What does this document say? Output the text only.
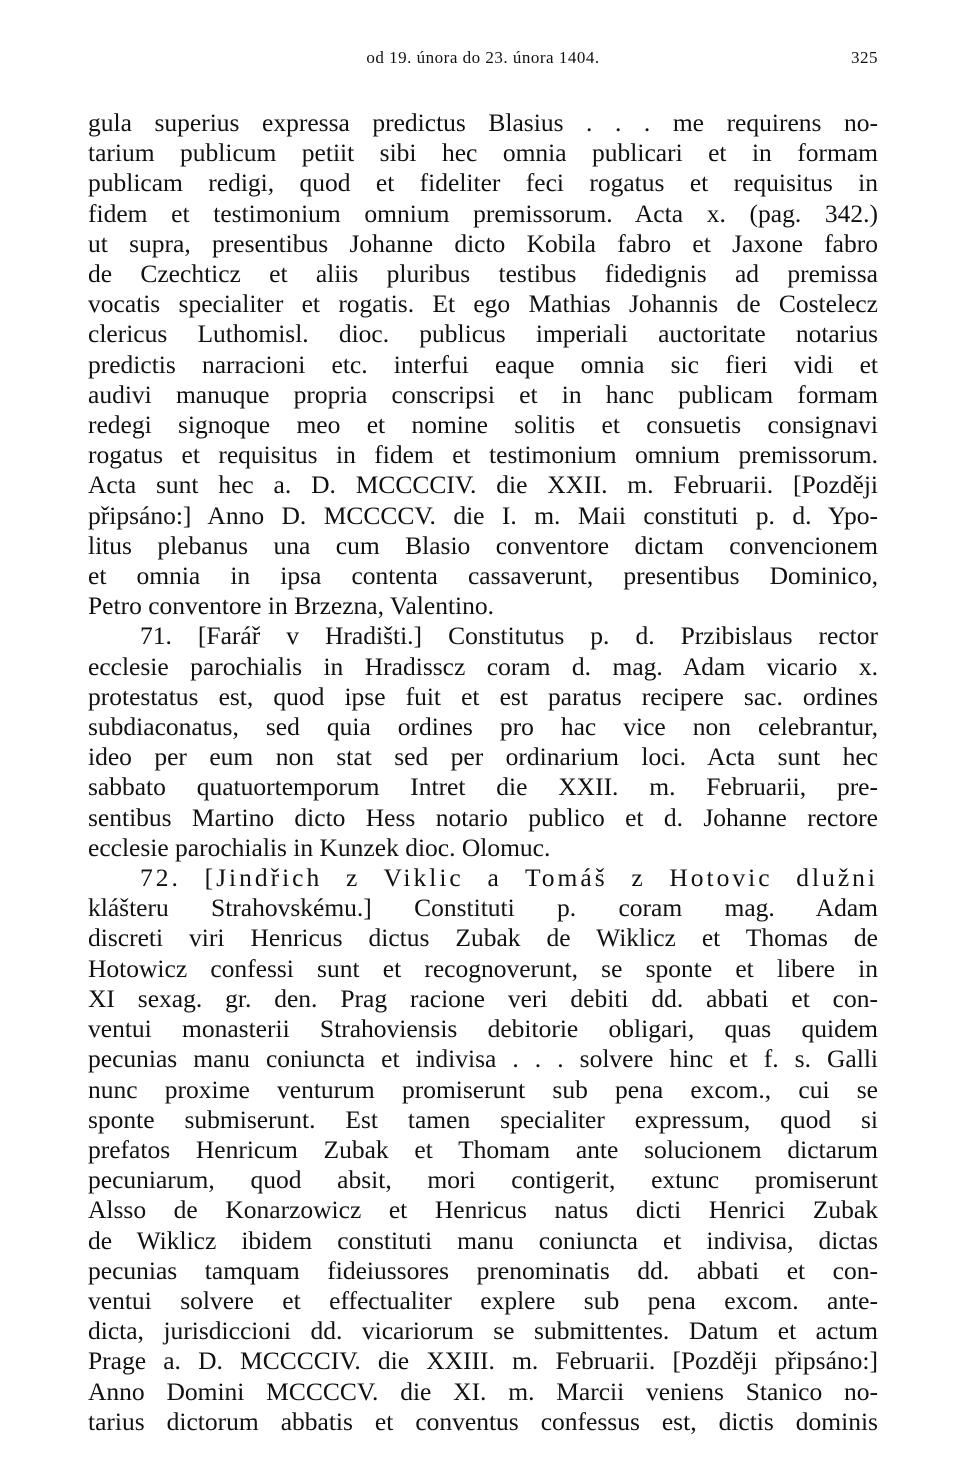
od 19. února do 23. února 1404.	325
gula superius expressa predictus Blasius . . . me requirens no-
tarium publicum petiit sibi hec omnia publicari et in formam
publicam redigi, quod et fideliter feci rogatus et requisitus in
fidem et testimonium omnium premissorum. Acta x. (pag. 342.)
ut supra, presentibus Johanne dicto Kobila fabro et Jaxone fabro
de Czechticz et aliis pluribus testibus fidedignis ad premissa
vocatis specialiter et rogatis. Et ego Mathias Johannis de Costelecz
clericus Luthomisl. dioc. publicus imperiali auctoritate notarius
predictis narracioni etc. interfui eaque omnia sic fieri vidi et
audivi manuque propria conscripsi et in hanc publicam formam
redegi signoque meo et nomine solitis et consuetis consignavi
rogatus et requisitus in fidem et testimonium omnium premissorum.
Acta sunt hec a. D. MCCCCIV. die XXII. m. Februarii. [Později
připsáno:] Anno D. MCCCCV. die I. m. Maii constituti p. d. Ypo-
litus plebanus una cum Blasio conventore dictam convencionem
et omnia in ipsa contenta cassaverunt, presentibus Dominico,
Petro conventore in Brzezna, Valentino.
71. [Farář v Hradišti.] Constitutus p. d. Przibislaus rector
ecclesie parochialis in Hradisscz coram d. mag. Adam vicario x.
protestatus est, quod ipse fuit et est paratus recipere sac. ordines
subdiaconatus, sed quia ordines pro hac vice non celebrantur,
ideo per eum non stat sed per ordinarium loci. Acta sunt hec
sabbato quatuortemporum Intret die XXII. m. Februarii, pre-
sentibus Martino dicto Hess notario publico et d. Johanne rectore
ecclesie parochialis in Kunzek dioc. Olomuc.
72. [Jindřich z Viklic a Tomáš z Hotovic dlužni
klášteru Strahovskému.] Constituti p. coram mag. Adam
discreti viri Henricus dictus Zubak de Wiklicz et Thomas de
Hotowicz confessi sunt et recognoverunt, se sponte et libere in
XI sexag. gr. den. Prag racione veri debiti dd. abbati et con-
ventui monasterii Strahoviensis debitorie obligari, quas quidem
pecunias manu coniuncta et indivisa . . . solvere hinc et f. s. Galli
nunc proxime venturum promiserunt sub pena excom., cui se
sponte submiserunt. Est tamen specialiter expressum, quod si
prefatos Henricum Zubak et Thomam ante solucionem dictarum
pecuniarum, quod absit, mori contigerit, extunc promiserunt
Alsso de Konarzowicz et Henricus natus dicti Henrici Zubak
de Wiklicz ibidem constituti manu coniuncta et indivisa, dictas
pecunias tamquam fideiussores prenominatis dd. abbati et con-
ventui solvere et effectualiter explere sub pena excom. ante-
dicta, jurisdiccioni dd. vicariorum se submittentes. Datum et actum
Prage a. D. MCCCCIV. die XXIII. m. Februarii. [Později připsáno:]
Anno Domini MCCCCV. die XI. m. Marcii veniens Stanico no-
tarius dictorum abbatis et conventus confessus est, dictis dominis
